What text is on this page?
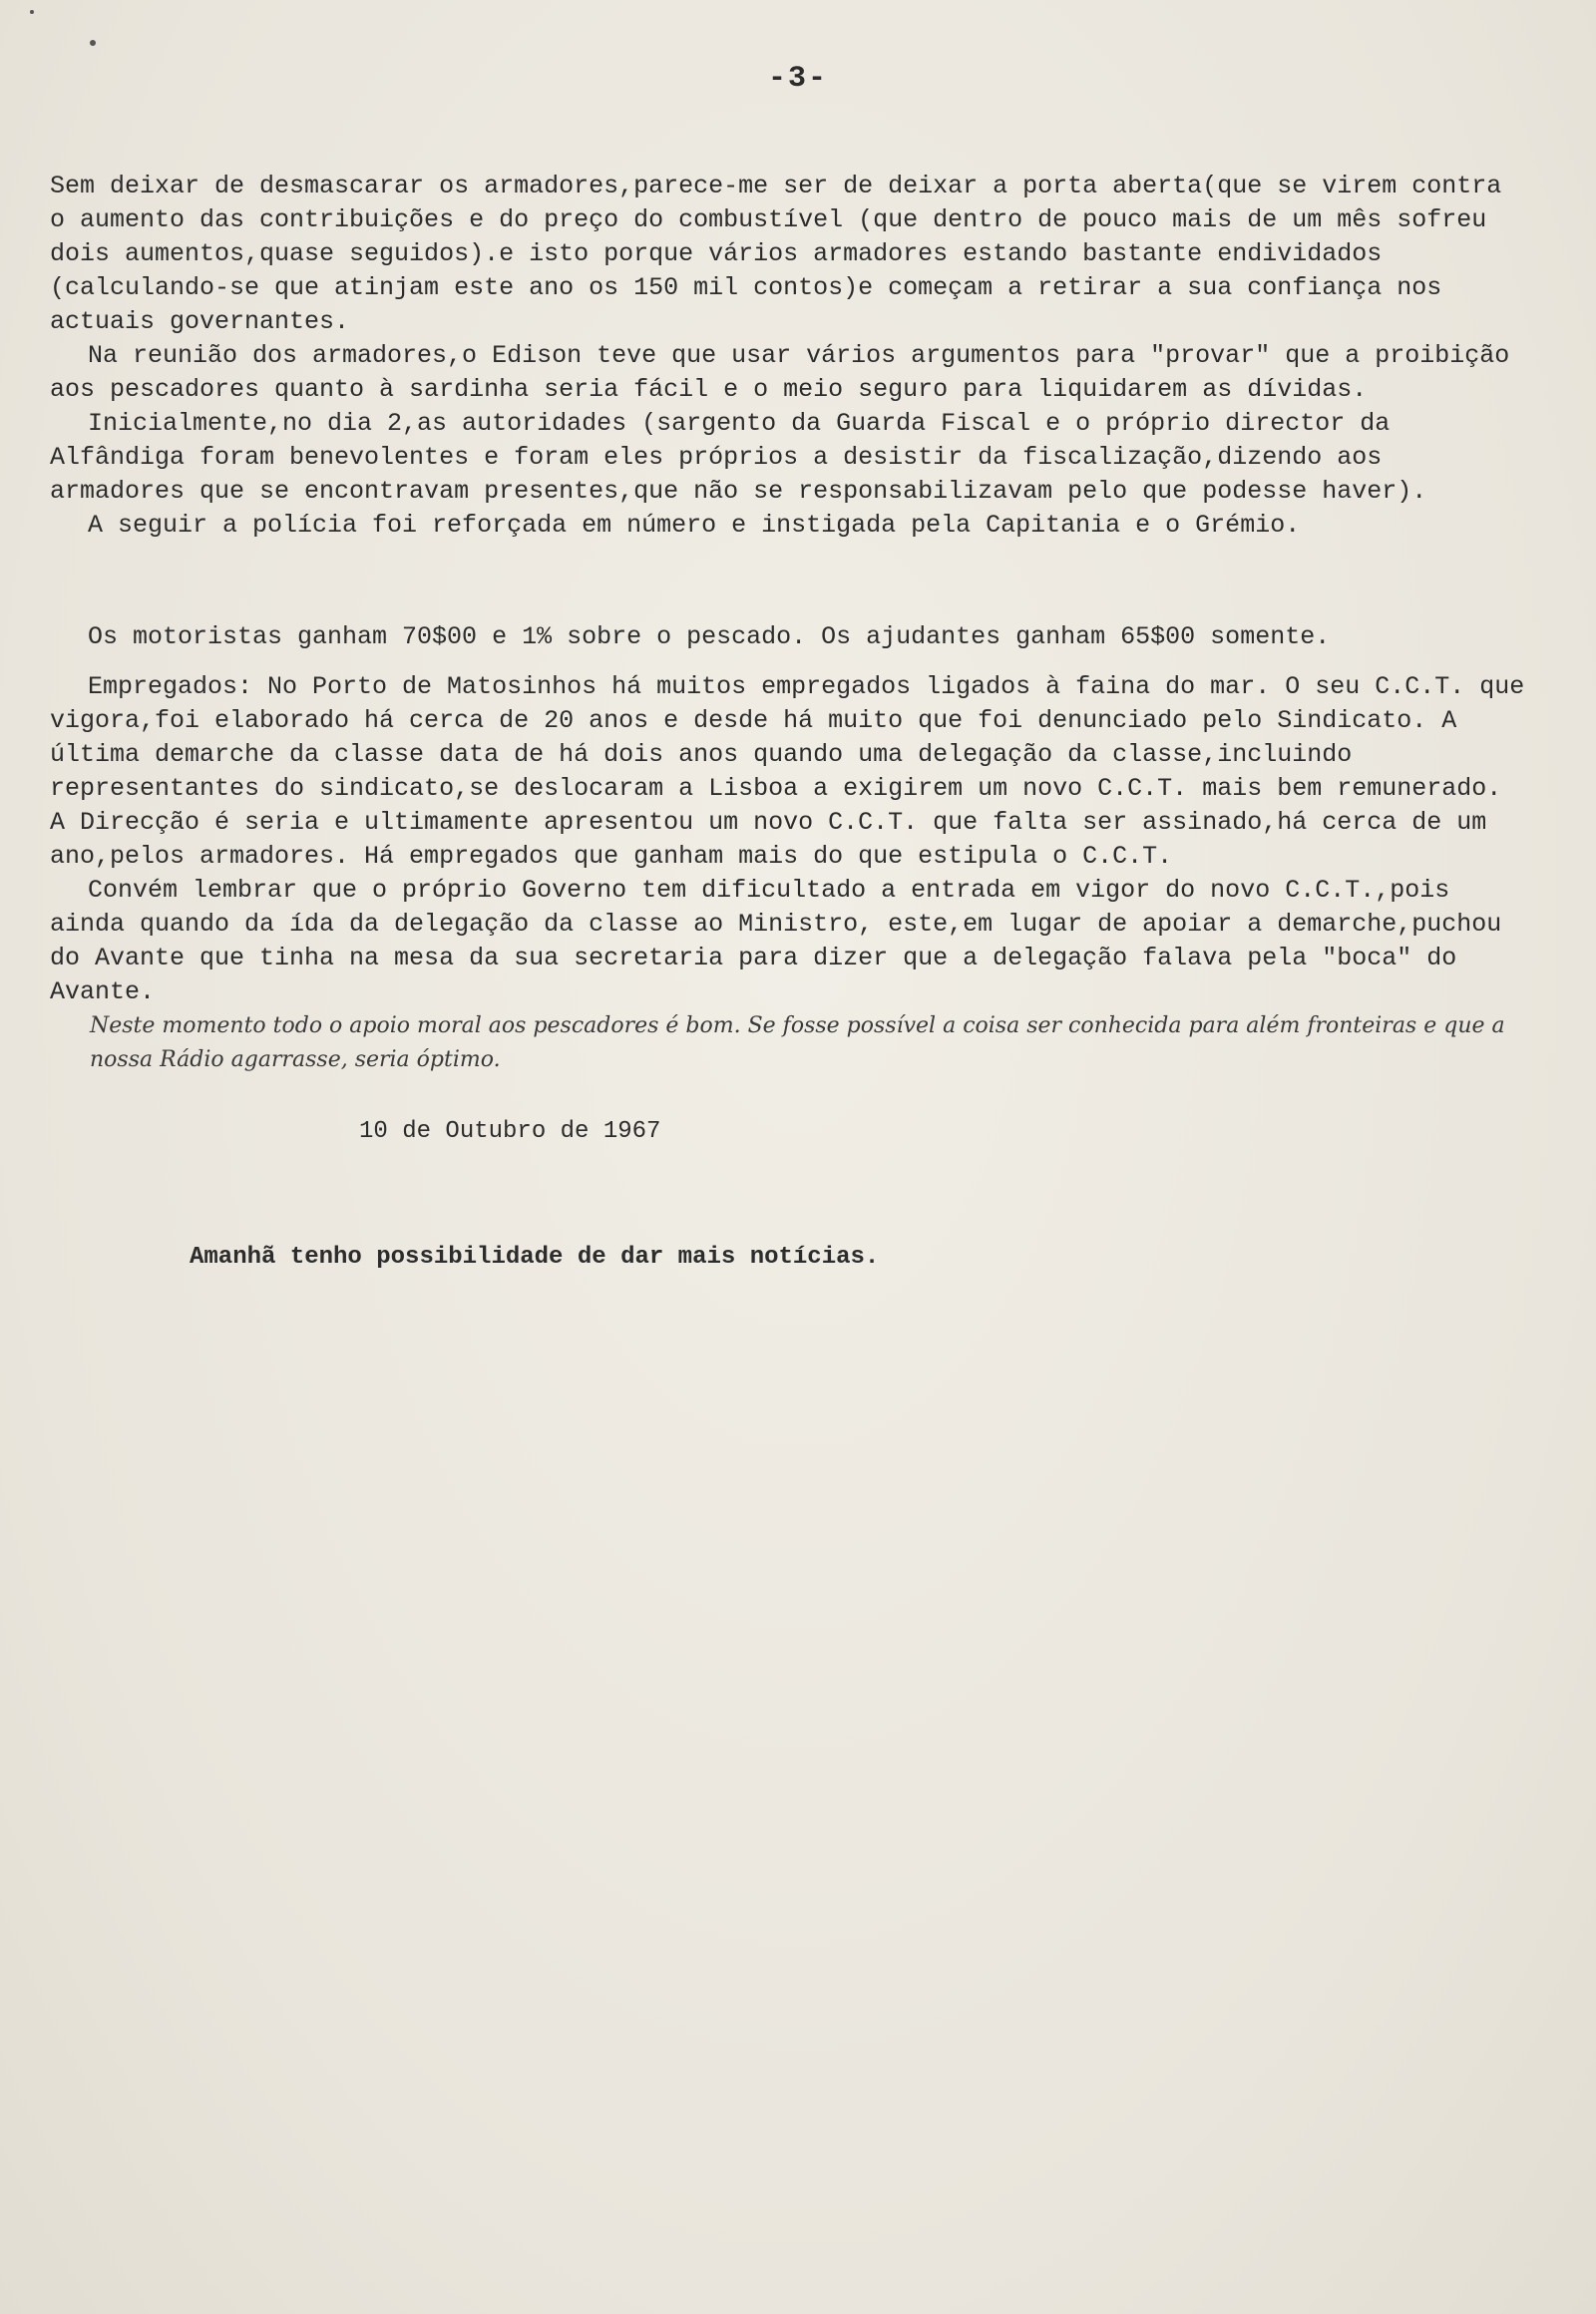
-3-

Sem deixar de desmascarar os armadores,parece-me ser de deixar a porta aberta(que se virem contra o aumento das contribuições e do preço do combustível (que dentro de pouco mais de um mês sofreu dois aumentos,quase seguidos).e isto porque vários armadores estando bastante endividados (calculando-se que atinjam este ano os 150 mil contos)e começam a retirar a sua confiança nos actuais governantes.

Na reunião dos armadores,o Edison teve que usar vários argumentos para "provar" que a proibição aos pescadores quanto à sardinha seria fácil e o meio seguro para liquidarem as dívidas.

Inicialmente,no dia 2,as autoridades (sargento da Guarda Fiscal e o próprio director da Alfândiga foram benevolentes e foram eles próprios a desistir da fiscalização,dizendo aos armadores que se encontravam presentes,que não se responsabilizavam pelo que podesse haver).

A seguir a polícia foi reforçada em número e instigada pela Capitania e o Grémio.

Os motoristas ganham 70$00 e 1% sobre o pescado. Os ajudantes ganham 65$00 somente.

Empregados: No Porto de Matosinhos há muitos empregados ligados à faina do mar. O seu C.C.T. que vigora,foi elaborado há cerca de 20 anos e desde há muito que foi denunciado pelo Sindicato. A última demarche da classe data de há dois anos quando uma delegação da classe,incluindo representantes do sindicato,se deslocaram a Lisboa a exigirem um novo C.C.T. mais bem remunerado. A Direcção é seria e ultimamente apresentou um novo C.C.T. que falta ser assinado,há cerca de um ano,pelos armadores. Há empregados que ganham mais do que estipula o C.C.T.

Convém lembrar que o próprio Governo tem dificultado a entrada em vigor do novo C.C.T.,pois ainda quando da ída da delegação da classe ao Ministro, este,em lugar de apoiar a demarche,puchou do Avante que tinha na mesa da sua secretaria para dizer que a delegação falava pela "boca" do Avante.

Neste momento todo o apoio moral aos pescadores é bom. Se fosse possível a coisa ser conhecida para além fronteiras e que a nossa Rádio agarrasse, seria óptimo.
10 de Outubro de 1967
Amanhã tenho possibilidade de dar mais notícias.
